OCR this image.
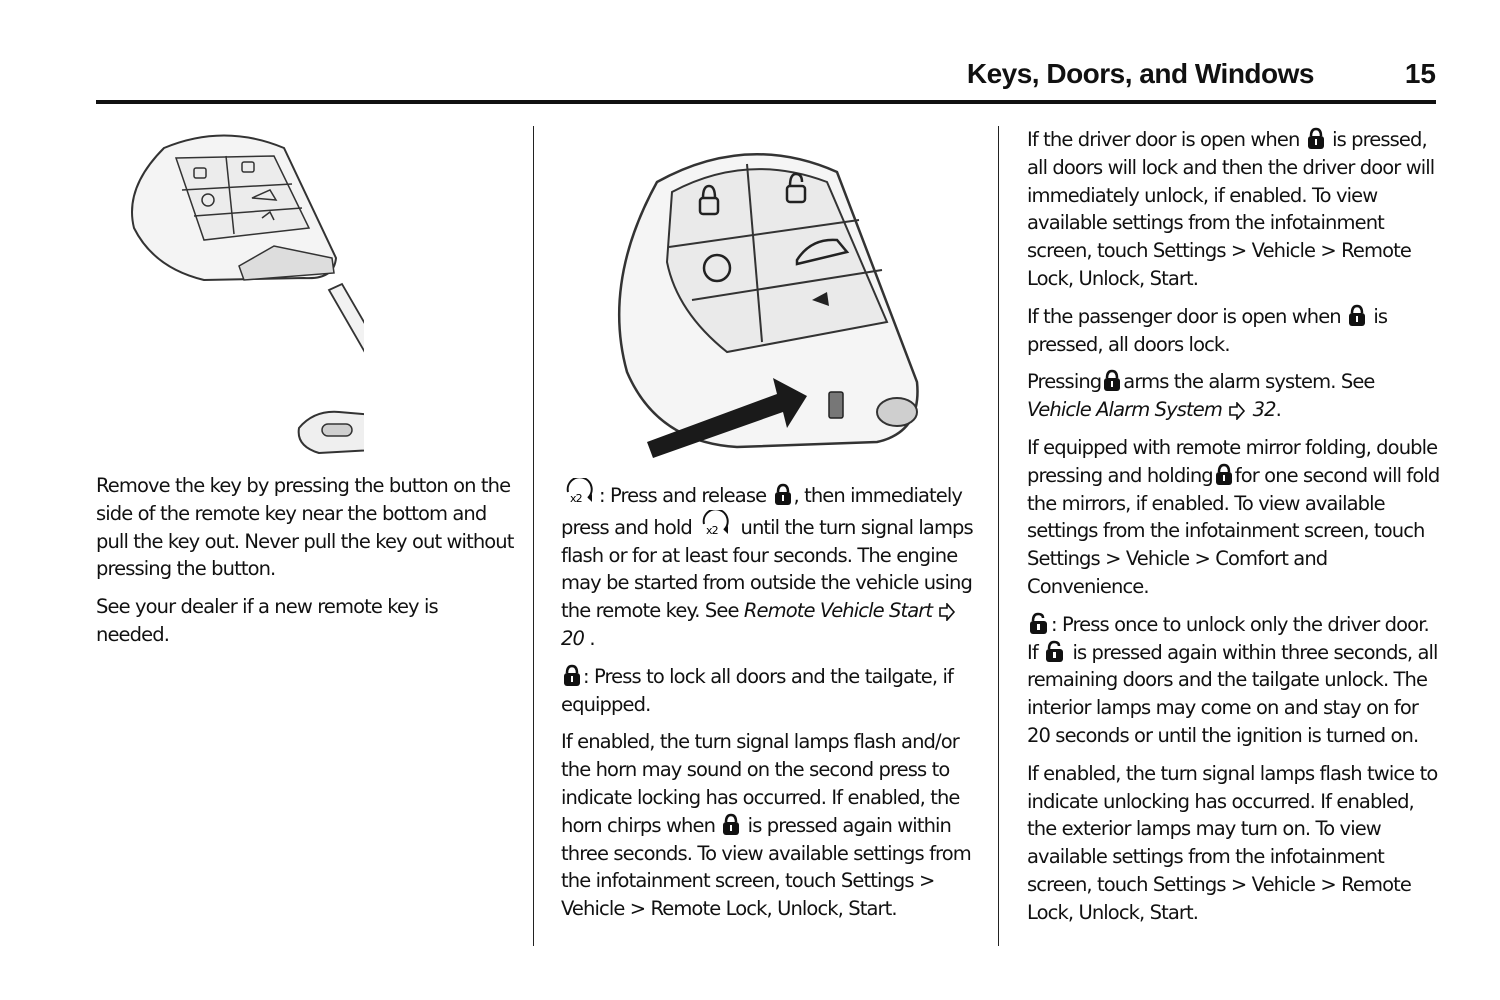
Keys, Doors, and Windows	15

Remove the key by pressing the button on the side of the remote key near the bottom and pull the key out. Never pull the key out without pressing the button.

See your dealer if a new remote key is needed.

x2 : Press and release , then immediately press and hold x2 until the turn signal lamps flash or for at least four seconds. The engine may be started from outside the vehicle using the remote key. See Remote Vehicle Start  20 .

: Press to lock all doors and the tailgate, if equipped.

If enabled, the turn signal lamps flash and/or the horn may sound on the second press to indicate locking has occurred. If enabled, the horn chirps when is pressed again within three seconds. To view available settings from the infotainment screen, touch Settings > Vehicle > Remote Lock, Unlock, Start.

If the driver door is open when is pressed, all doors will lock and then the driver door will immediately unlock, if enabled. To view available settings from the infotainment screen, touch Settings > Vehicle > Remote Lock, Unlock, Start.

If the passenger door is open when is pressed, all doors lock.

Pressing arms the alarm system. See Vehicle Alarm System 32.

If equipped with remote mirror folding, double pressing and holding for one second will fold the mirrors, if enabled. To view available settings from the infotainment screen, touch Settings > Vehicle > Comfort and Convenience.

: Press once to unlock only the driver door. If is pressed again within three seconds, all remaining doors and the tailgate unlock. The interior lamps may come on and stay on for 20 seconds or until the ignition is turned on.

If enabled, the turn signal lamps flash twice to indicate unlocking has occurred. If enabled, the exterior lamps may turn on. To view available settings from the infotainment screen, touch Settings > Vehicle > Remote Lock, Unlock, Start.
